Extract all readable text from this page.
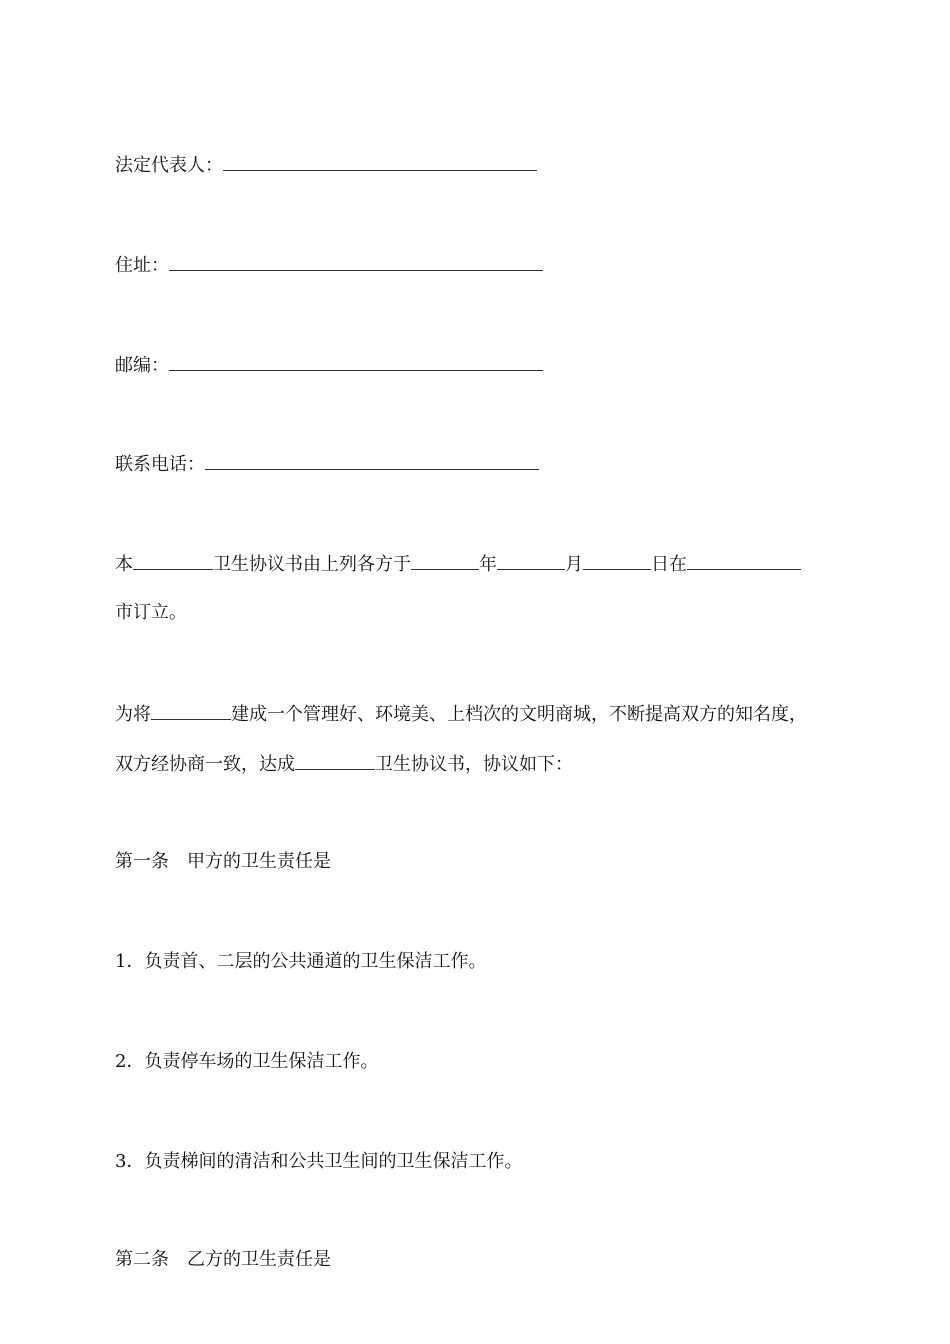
法定代表人：
住址：
邮编：
联系电话：
本	卫生协议书由上列各方于	年	月	日在
市订立。
为将	建成一个管理好、环境美、上档次的文明商城，不断提高双方的知名度，
双方经协商一致，达成	卫生协议书，协议如下：
第一条　甲方的卫生责任是
1．负责首、二层的公共通道的卫生保洁工作。
2．负责停车场的卫生保洁工作。
3．负责梯间的清洁和公共卫生间的卫生保洁工作。
第二条　乙方的卫生责任是
